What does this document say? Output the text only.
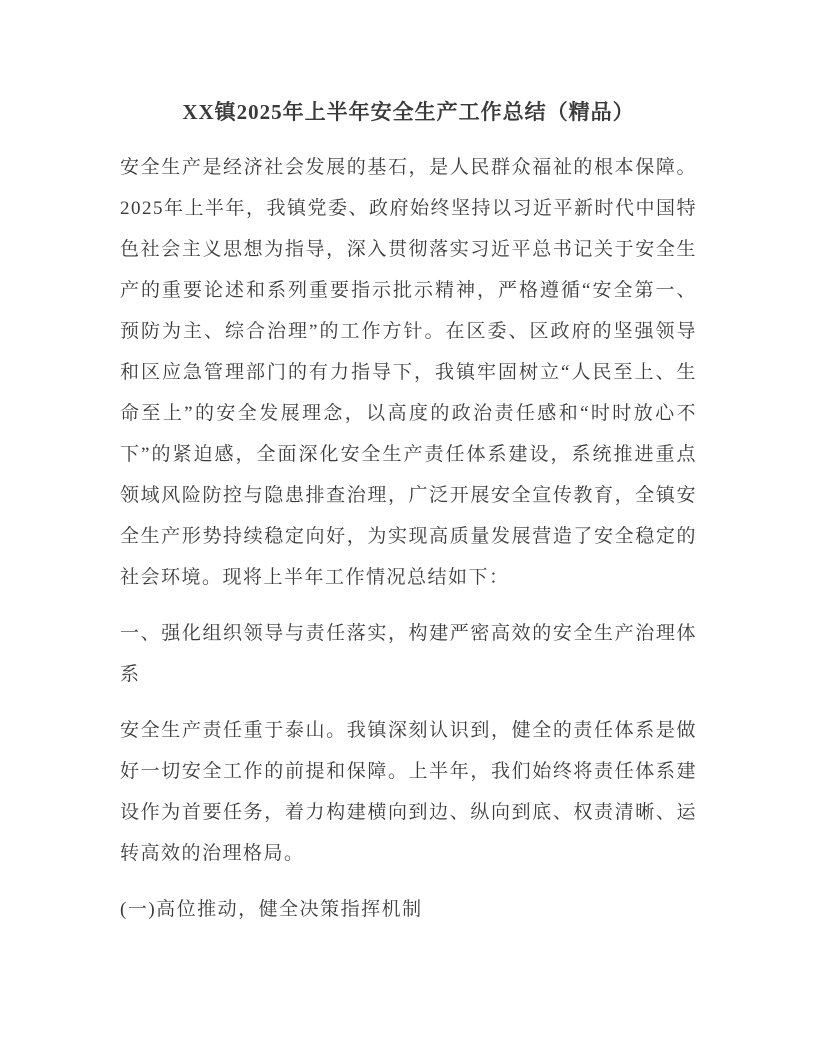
XX镇2025年上半年安全生产工作总结（精品）

安全生产是经济社会发展的基石，是人民群众福祉的根本保障。2025年上半年，我镇党委、政府始终坚持以习近平新时代中国特色社会主义思想为指导，深入贯彻落实习近平总书记关于安全生产的重要论述和系列重要指示批示精神，严格遵循“安全第一、预防为主、综合治理”的工作方针。在区委、区政府的坚强领导和区应急管理部门的有力指导下，我镇牢固树立“人民至上、生命至上”的安全发展理念，以高度的政治责任感和“时时放心不下”的紧迫感，全面深化安全生产责任体系建设，系统推进重点领域风险防控与隐患排查治理，广泛开展安全宣传教育，全镇安全生产形势持续稳定向好，为实现高质量发展营造了安全稳定的社会环境。现将上半年工作情况总结如下：

一、强化组织领导与责任落实，构建严密高效的安全生产治理体系

安全生产责任重于泰山。我镇深刻认识到，健全的责任体系是做好一切安全工作的前提和保障。上半年，我们始终将责任体系建设作为首要任务，着力构建横向到边、纵向到底、权责清晰、运转高效的治理格局。

(一)高位推动，健全决策指挥机制
